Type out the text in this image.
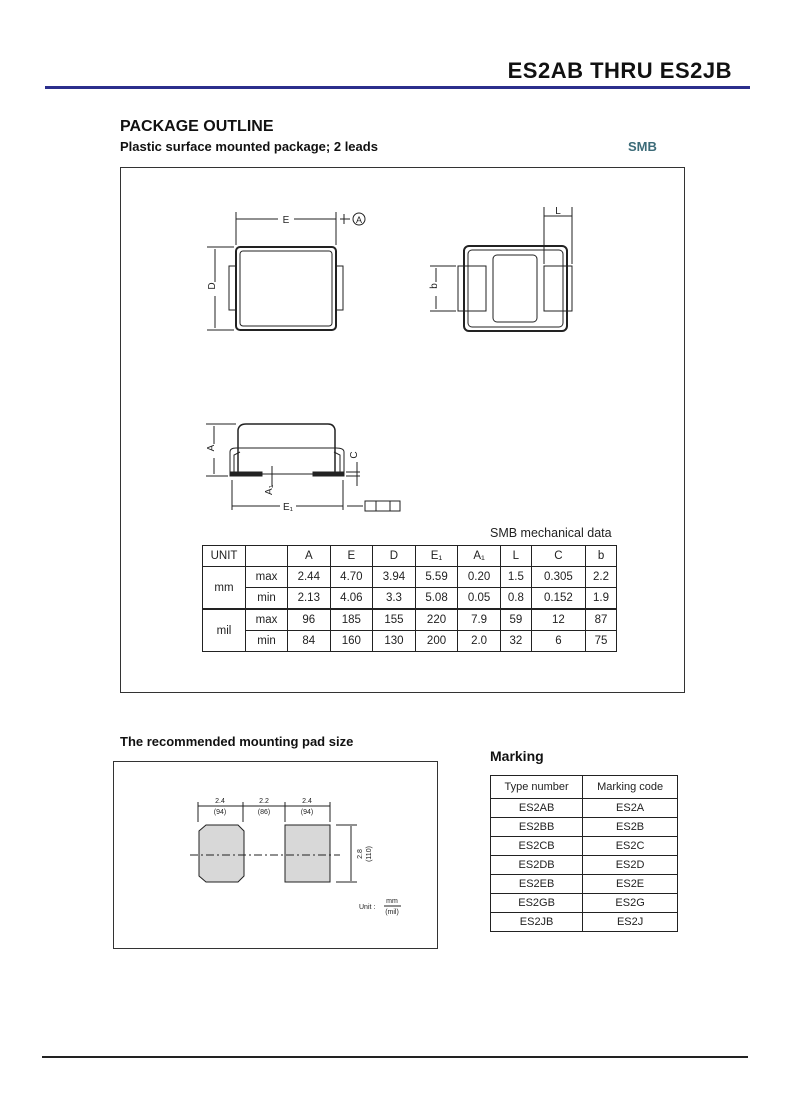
ES2AB THRU ES2JB
PACKAGE OUTLINE
Plastic surface mounted package; 2 leads	SMB
E	A
D	b
L
A
C
A₁
E₁
2.4
(94)
2.2
(86)
2.4
(94)
2.8 (110)
Unit :
mm
(mil)
SMB mechanical data
UNIT		A	E	D	E₁	A₁	L	C	b
mm	max	2.44	4.70	3.94	5.59	0.20	1.5	0.305	2.2
	min	2.13	4.06	3.3	5.08	0.05	0.8	0.152	1.9
mil	max	96	185	155	220	7.9	59	12	87
	min	84	160	130	200	2.0	32	6	75
The recommended mounting pad size
Marking
Type number	Marking code
ES2AB	ES2A
ES2BB	ES2B
ES2CB	ES2C
ES2DB	ES2D
ES2EB	ES2E
ES2GB	ES2G
ES2JB	ES2J
